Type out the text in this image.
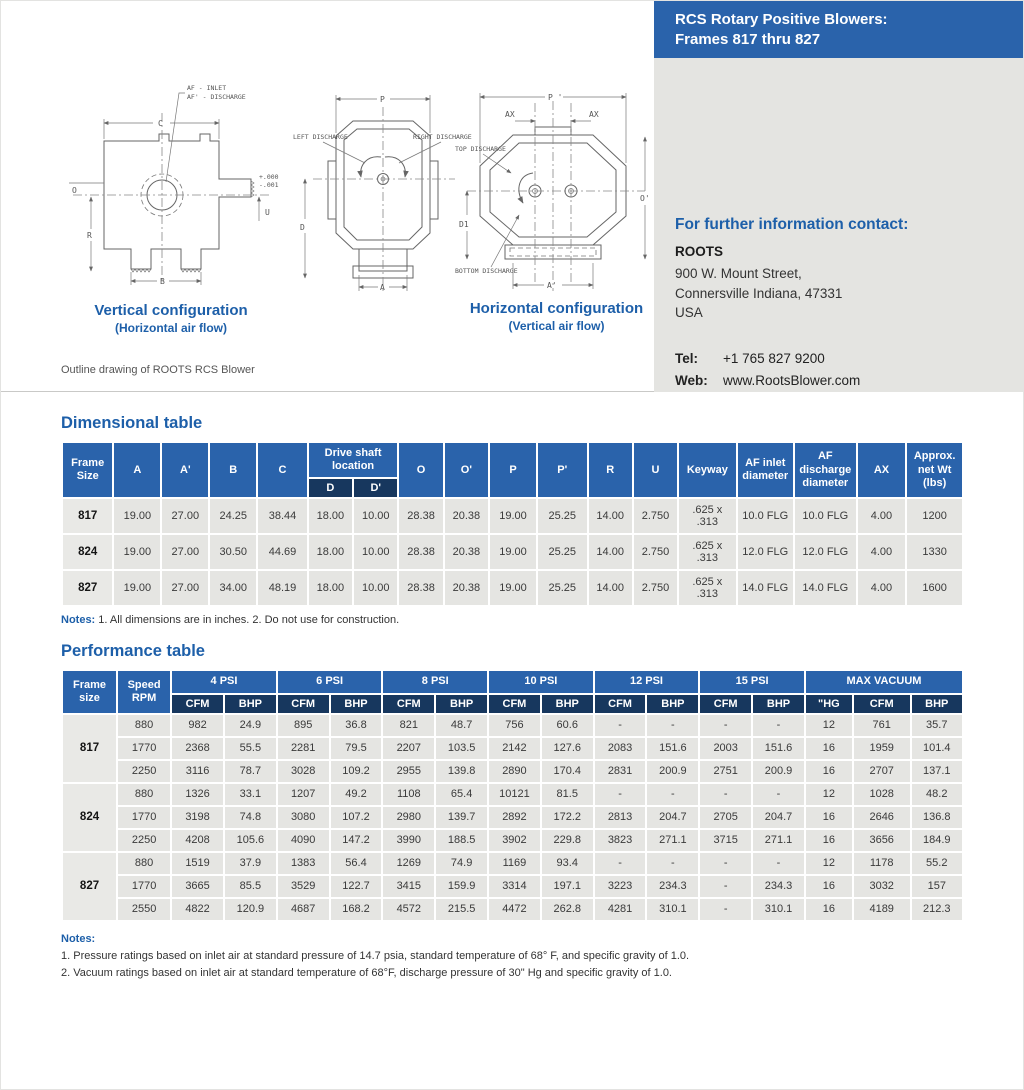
C
AF - INLET
AF' - DISCHARGE
O
R
B
+.000
-.001
U
LEFT DISCHARGE	RIGHT DISCHARGE
P
D
A
P '
AX	AX
O'
D1
A'
TOP DISCHARGE
BOTTOM DISCHARGE
Vertical configuration
(Horizontal air flow)
Horizontal configuration
(Vertical air flow)
Outline drawing of ROOTS RCS Blower
RCS Rotary Positive Blowers:
Frames 817 thru 827
For further information contact:
ROOTS
900 W. Mount Street,
Connersville Indiana, 47331
USA
Tel:	+1 765 827 9200
Web:	www.RootsBlower.com
Dimensional table
Frame Size	A	A'	B	C	Drive shaft location		O	O'	P	P'	R	U	Keyway	AF inlet diameter	AF discharge diameter	AX	Approx. net Wt (lbs)
					D	D'											
817	19.00	27.00	24.25	38.44	18.00	10.00	28.38	20.38	19.00	25.25	14.00	2.750	.625 x .313	10.0 FLG	10.0 FLG	4.00	1200
824	19.00	27.00	30.50	44.69	18.00	10.00	28.38	20.38	19.00	25.25	14.00	2.750	.625 x .313	12.0 FLG	12.0 FLG	4.00	1330
827	19.00	27.00	34.00	48.19	18.00	10.00	28.38	20.38	19.00	25.25	14.00	2.750	.625 x .313	14.0 FLG	14.0 FLG	4.00	1600
Notes: 1. All dimensions are in inches. 2. Do not use for construction.
Performance table
Frame size	Speed RPM	4 PSI		6 PSI		8 PSI		10 PSI		12 PSI		15 PSI		MAX VACUUM		
		CFM	BHP	CFM	BHP	CFM	BHP	CFM	BHP	CFM	BHP	CFM	BHP	"HG	CFM	BHP
817	880	982	24.9	895	36.8	821	48.7	756	60.6	-	-	-	-	12	761	35.7
	1770	2368	55.5	2281	79.5	2207	103.5	2142	127.6	2083	151.6	2003	151.6	16	1959	101.4
	2250	3116	78.7	3028	109.2	2955	139.8	2890	170.4	2831	200.9	2751	200.9	16	2707	137.1
824	880	1326	33.1	1207	49.2	1108	65.4	10121	81.5	-	-	-	-	12	1028	48.2
	1770	3198	74.8	3080	107.2	2980	139.7	2892	172.2	2813	204.7	2705	204.7	16	2646	136.8
	2250	4208	105.6	4090	147.2	3990	188.5	3902	229.8	3823	271.1	3715	271.1	16	3656	184.9
827	880	1519	37.9	1383	56.4	1269	74.9	1169	93.4	-	-	-	-	12	1178	55.2
	1770	3665	85.5	3529	122.7	3415	159.9	3314	197.1	3223	234.3	-	234.3	16	3032	157
	2550	4822	120.9	4687	168.2	4572	215.5	4472	262.8	4281	310.1	-	310.1	16	4189	212.3
Notes:
1. Pressure ratings based on inlet air at standard pressure of 14.7 psia, standard temperature of 68° F, and specific gravity of 1.0.
2. Vacuum ratings based on inlet air at standard temperature of 68°F, discharge pressure of 30" Hg and specific gravity of 1.0.
